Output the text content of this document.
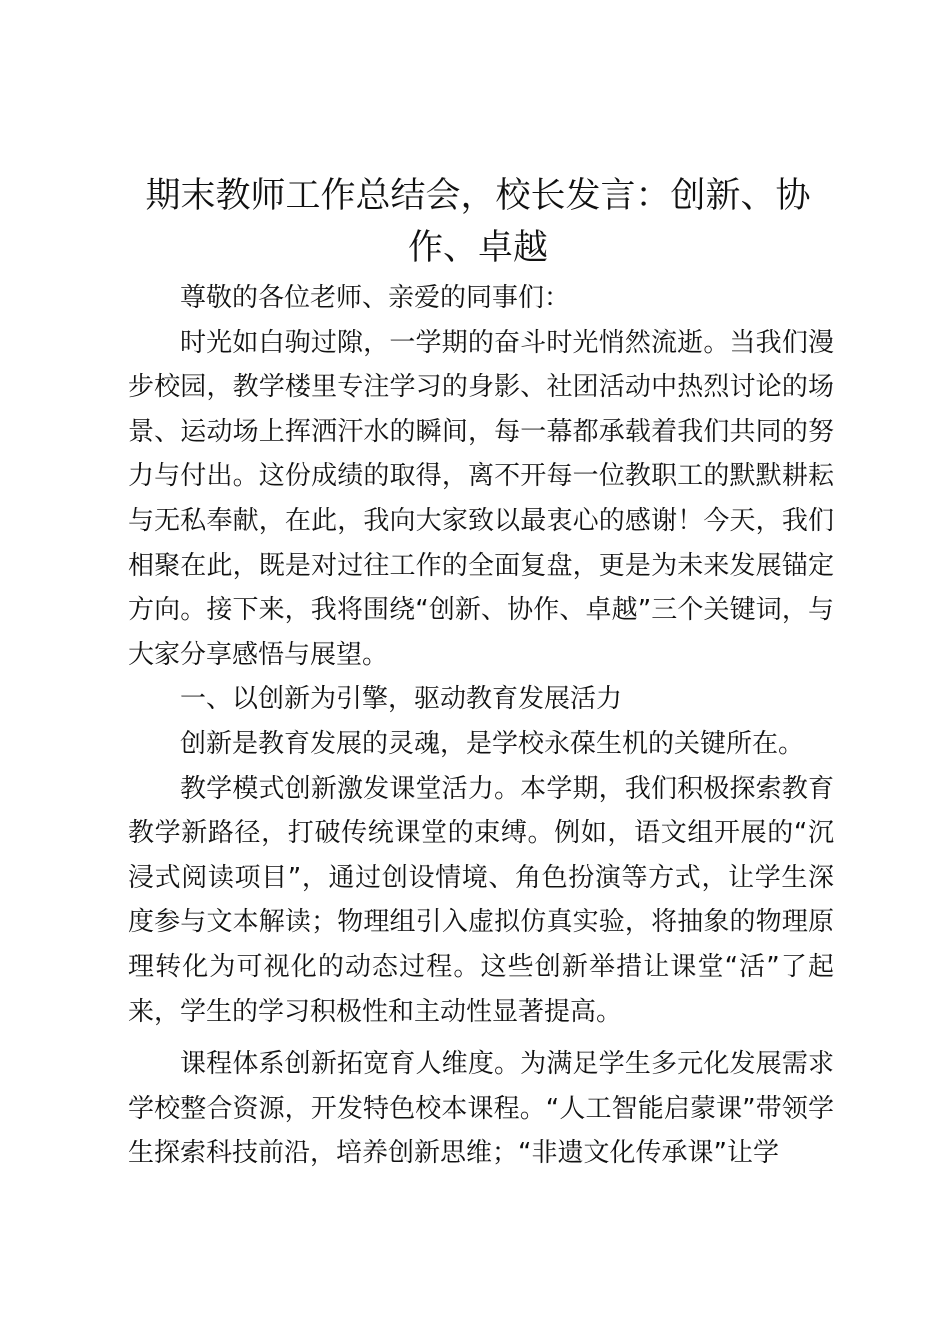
期末教师工作总结会，校长发言：创新、协作、卓越

尊敬的各位老师、亲爱的同事们：

时光如白驹过隙，一学期的奋斗时光悄然流逝。当我们漫步校园，教学楼里专注学习的身影、社团活动中热烈讨论的场景、运动场上挥洒汗水的瞬间，每一幕都承载着我们共同的努力与付出。这份成绩的取得，离不开每一位教职工的默默耕耘与无私奉献，在此，我向大家致以最衷心的感谢！今天，我们相聚在此，既是对过往工作的全面复盘，更是为未来发展锚定方向。接下来，我将围绕“创新、协作、卓越”三个关键词，与大家分享感悟与展望。

一、以创新为引擎，驱动教育发展活力

创新是教育发展的灵魂，是学校永葆生机的关键所在。

教学模式创新激发课堂活力。本学期，我们积极探索教育教学新路径，打破传统课堂的束缚。例如，语文组开展的“沉浸式阅读项目”，通过创设情境、角色扮演等方式，让学生深度参与文本解读；物理组引入虚拟仿真实验，将抽象的物理原理转化为可视化的动态过程。这些创新举措让课堂“活”了起来，学生的学习积极性和主动性显著提高。

课程体系创新拓宽育人维度。为满足学生多元化发展需求学校整合资源，开发特色校本课程。“人工智能启蒙课”带领学生探索科技前沿，培养创新思维；“非遗文化传承课”让学
